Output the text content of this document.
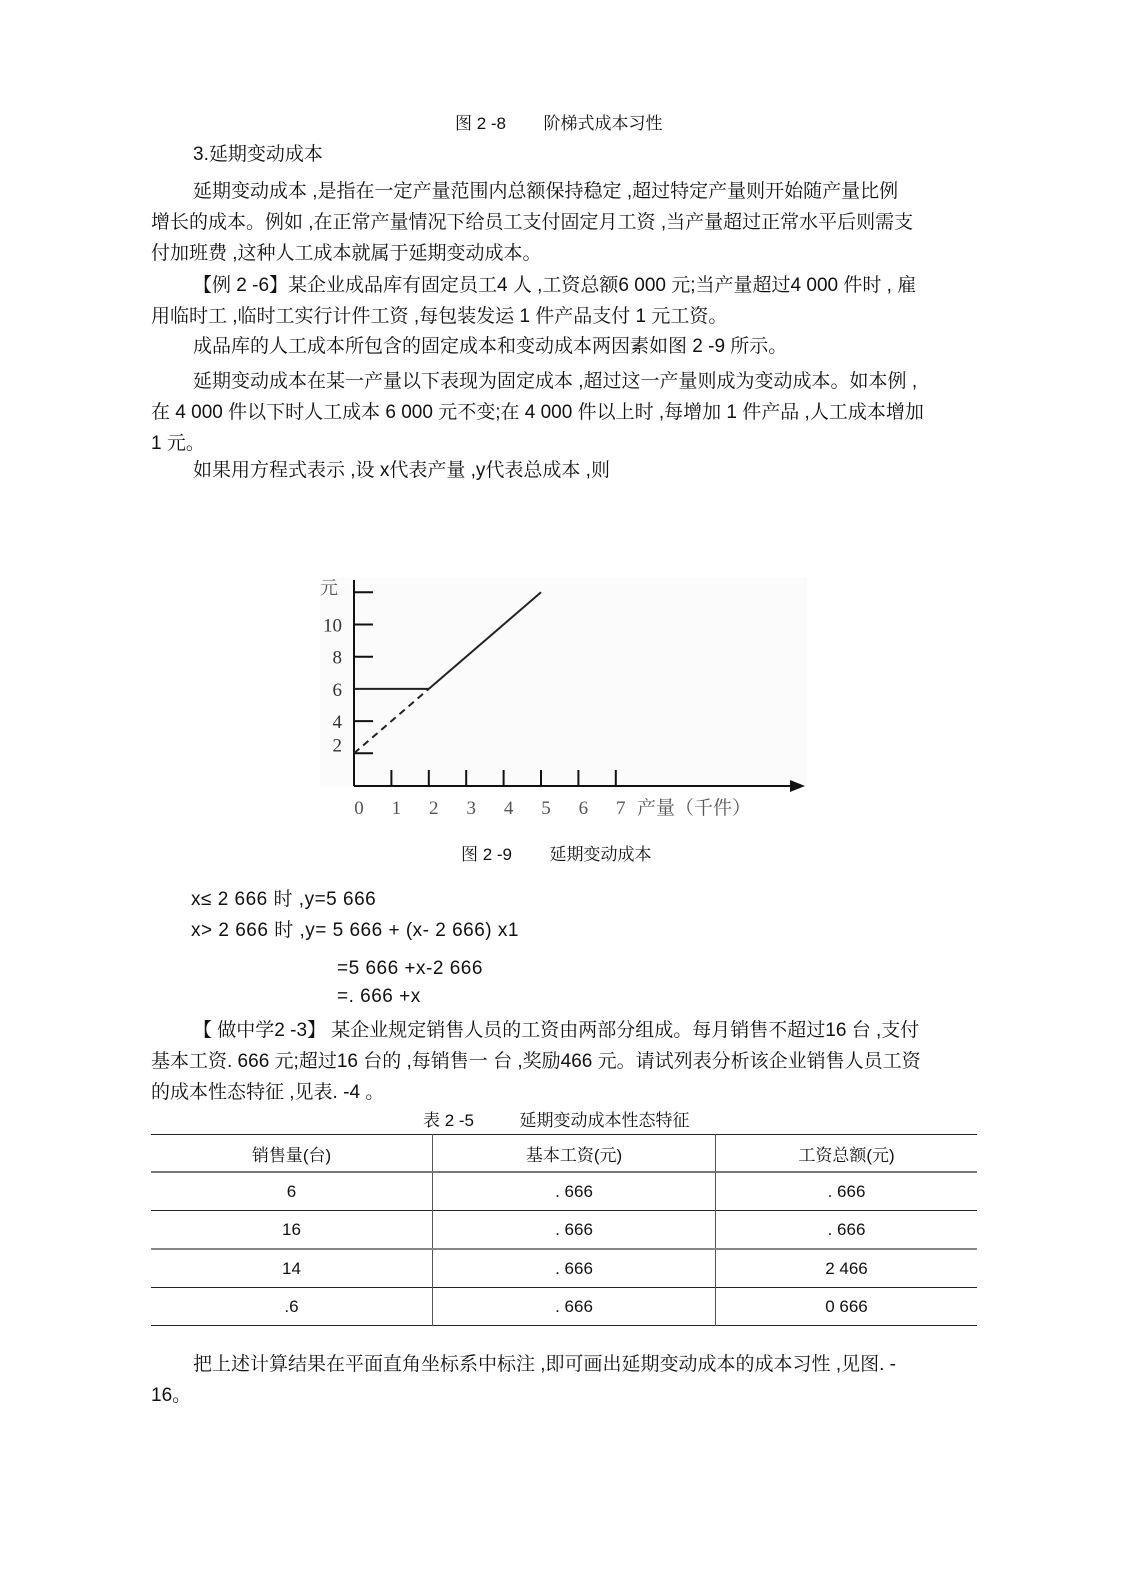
图 2 -8 阶梯式成本习性
3.延期变动成本
延期变动成本 ,是指在一定产量范围内总额保持稳定 ,超过特定产量则开始随产量比例
增长的成本。例如 ,在正常产量情况下给员工支付固定月工资 ,当产量超过正常水平后则需支
付加班费 ,这种人工成本就属于延期变动成本。
【例 2 -6】某企业成品库有固定员工4 人 ,工资总额6 000 元;当产量超过4 000 件时 , 雇
用临时工 ,临时工实行计件工资 ,每包装发运 1 件产品支付 1 元工资。
成品库的人工成本所包含的固定成本和变动成本两因素如图 2 -9 所示。
延期变动成本在某一产量以下表现为固定成本 ,超过这一产量则成为变动成本。如本例 ,
在 4 000 件以下时人工成本 6 000 元不变;在 4 000 件以上时 ,每增加 1 件产品 ,人工成本增加
1 元。
如果用方程式表示 ,设 x代表产量 ,y代表总成本 ,则
0 1 2 3 4 5 6 7 产量（千件）
2
4
6
8
10
元
图 2 -9 延期变动成本
x≤ 2 666 时 ,y=5 666
x> 2 666 时 ,y= 5 666 + (x- 2 666) x1
=5 666 +x-2 666
=. 666 +x
【 做中学2 -3】 某企业规定销售人员的工资由两部分组成。每月销售不超过16 台 ,支付
基本工资. 666 元;超过16 台的 ,每销售一 台 ,奖励466 元。请试列表分析该企业销售人员工资
的成本性态特征 ,见表. -4 。
表 2 -5	延期变动成本性态特征
销售量(台)	基本工资(元)	工资总额(元)
6	. 666	. 666
16	. 666	. 666
14	. 666	2 466
.6	. 666	0 666
把上述计算结果在平面直角坐标系中标注 ,即可画出延期变动成本的成本习性 ,见图. -
16。
